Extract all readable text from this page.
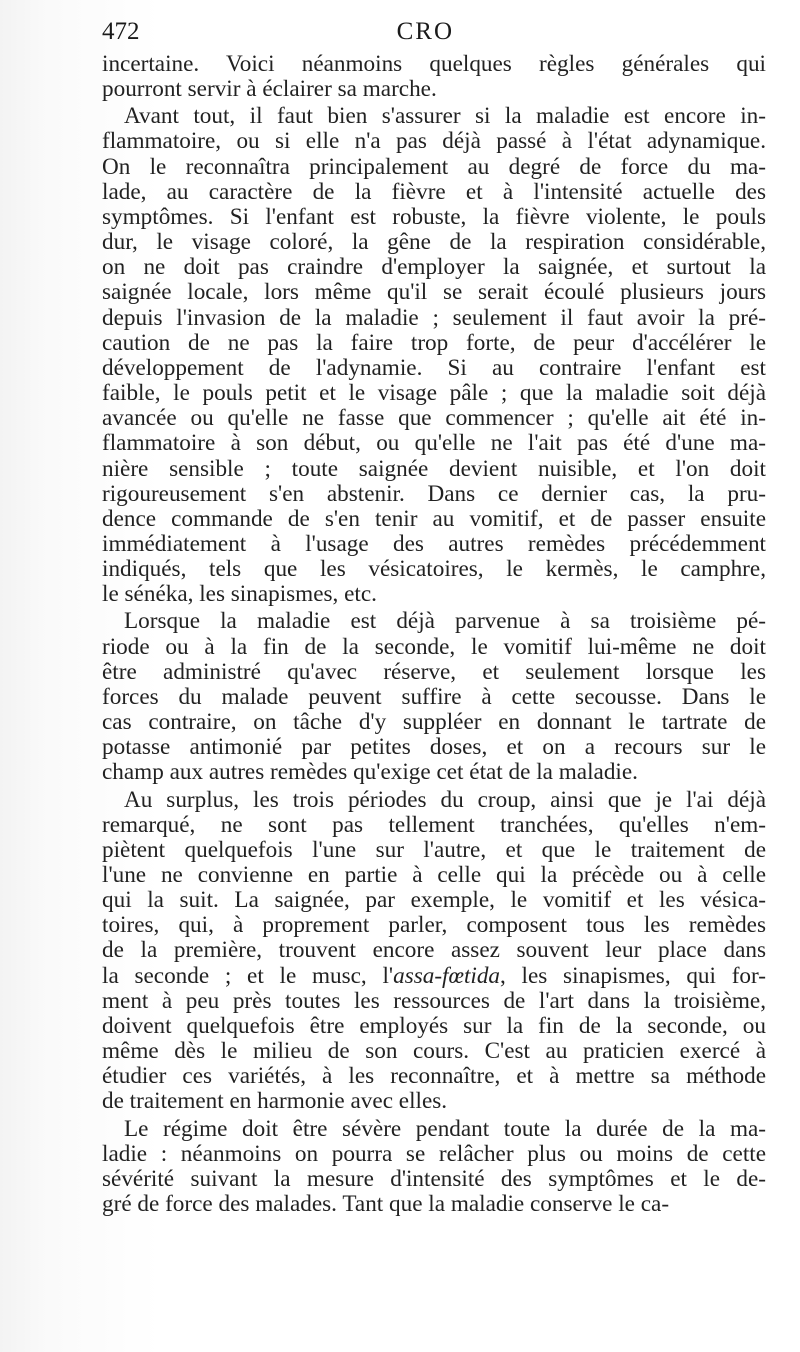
472	CRO
incertaine. Voici néanmoins quelques règles générales qui
pourront servir à éclairer sa marche.
Avant tout, il faut bien s'assurer si la maladie est encore in-
flammatoire, ou si elle n'a pas déjà passé à l'état adynamique.
On le reconnaîtra principalement au degré de force du ma-
lade, au caractère de la fièvre et à l'intensité actuelle des
symptômes. Si l'enfant est robuste, la fièvre violente, le pouls
dur, le visage coloré, la gêne de la respiration considérable,
on ne doit pas craindre d'employer la saignée, et surtout la
saignée locale, lors même qu'il se serait écoulé plusieurs jours
depuis l'invasion de la maladie ; seulement il faut avoir la pré-
caution de ne pas la faire trop forte, de peur d'accélérer le
développement de l'adynamie. Si au contraire l'enfant est
faible, le pouls petit et le visage pâle ; que la maladie soit déjà
avancée ou qu'elle ne fasse que commencer ; qu'elle ait été in-
flammatoire à son début, ou qu'elle ne l'ait pas été d'une ma-
nière sensible ; toute saignée devient nuisible, et l'on doit
rigoureusement s'en abstenir. Dans ce dernier cas, la pru-
dence commande de s'en tenir au vomitif, et de passer ensuite
immédiatement à l'usage des autres remèdes précédemment
indiqués, tels que les vésicatoires, le kermès, le camphre,
le sénéka, les sinapismes, etc.
Lorsque la maladie est déjà parvenue à sa troisième pé-
riode ou à la fin de la seconde, le vomitif lui-même ne doit
être administré qu'avec réserve, et seulement lorsque les
forces du malade peuvent suffire à cette secousse. Dans le
cas contraire, on tâche d'y suppléer en donnant le tartrate de
potasse antimonié par petites doses, et on a recours sur le
champ aux autres remèdes qu'exige cet état de la maladie.
Au surplus, les trois périodes du croup, ainsi que je l'ai déjà
remarqué, ne sont pas tellement tranchées, qu'elles n'em-
piètent quelquefois l'une sur l'autre, et que le traitement de
l'une ne convienne en partie à celle qui la précède ou à celle
qui la suit. La saignée, par exemple, le vomitif et les vésica-
toires, qui, à proprement parler, composent tous les remèdes
de la première, trouvent encore assez souvent leur place dans
la seconde ; et le musc, l'assa-fœtida, les sinapismes, qui for-
ment à peu près toutes les ressources de l'art dans la troisième,
doivent quelquefois être employés sur la fin de la seconde, ou
même dès le milieu de son cours. C'est au praticien exercé à
étudier ces variétés, à les reconnaître, et à mettre sa méthode
de traitement en harmonie avec elles.
Le régime doit être sévère pendant toute la durée de la ma-
ladie : néanmoins on pourra se relâcher plus ou moins de cette
sévérité suivant la mesure d'intensité des symptômes et le de-
gré de force des malades. Tant que la maladie conserve le ca-
